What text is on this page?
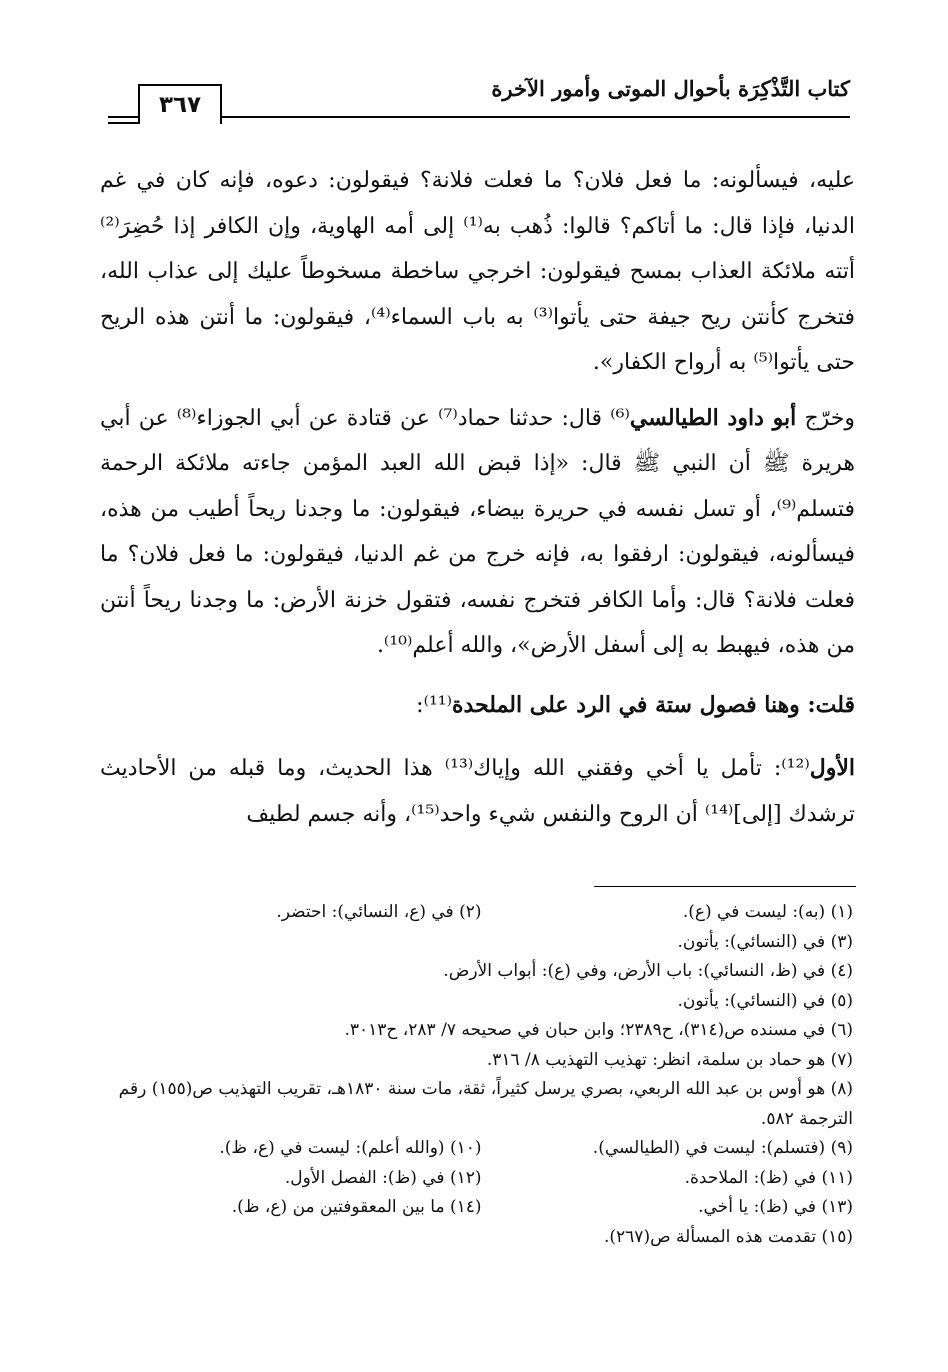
كتاب التَّذْكِرَة بأحوال الموتى وأمور الآخرة
٣٦٧

عليه، فيسألونه: ما فعل فلان؟ ما فعلت فلانة؟ فيقولون: دعوه، فإنه كان في غم الدنيا، فإذا قال: ما أتاكم؟ قالوا: ذُهب به⁽¹⁾ إلى أمه الهاوية، وإن الكافر إذا حُضِرَ⁽²⁾ أتته ملائكة العذاب بمسح فيقولون: اخرجي ساخطة مسخوطاً عليك إلى عذاب الله، فتخرج كأنتن ريح جيفة حتى يأتوا⁽³⁾ به باب السماء⁽⁴⁾، فيقولون: ما أنتن هذه الريح حتى يأتوا⁽⁵⁾ به أرواح الكفار».

وخرّج أبو داود الطيالسي⁽⁶⁾ قال: حدثنا حماد⁽⁷⁾ عن قتادة عن أبي الجوزاء⁽⁸⁾ عن أبي هريرة ﷺ أن النبي ﷺ قال: «إذا قبض الله العبد المؤمن جاءته ملائكة الرحمة فتسلم⁽⁹⁾، أو تسل نفسه في حريرة بيضاء، فيقولون: ما وجدنا ريحاً أطيب من هذه، فيسألونه، فيقولون: ارفقوا به، فإنه خرج من غم الدنيا، فيقولون: ما فعل فلان؟ ما فعلت فلانة؟ قال: وأما الكافر فتخرج نفسه، فتقول خزنة الأرض: ما وجدنا ريحاً أنتن من هذه، فيهبط به إلى أسفل الأرض»، والله أعلم⁽¹⁰⁾.

قلت: وهنا فصول ستة في الرد على الملحدة⁽¹¹⁾:

الأول⁽¹²⁾: تأمل يا أخي وفقني الله وإياك⁽¹³⁾ هذا الحديث، وما قبله من الأحاديث ترشدك [إلى]⁽¹⁴⁾ أن الروح والنفس شيء واحد⁽¹⁵⁾، وأنه جسم لطيف

(١) (به): ليست في (ع).
(٢) في (ع، النسائي): احتضر.
(٣) في (النسائي): يأتون.
(٤) في (ظ، النسائي): باب الأرض، وفي (ع): أبواب الأرض.
(٥) في (النسائي): يأتون.
(٦) في مسنده ص(٣١٤)، ح٢٣٨٩؛ وابن حبان في صحيحه ٧/ ٢٨٣، ح٣٠١٣.
(٧) هو حماد بن سلمة، انظر: تهذيب التهذيب ٨/ ٣١٦.
(٨) هو أوس بن عبد الله الربعي، بصري يرسل كثيراً، ثقة، مات سنة ١٨٣٠هـ، تقريب التهذيب ص(١٥٥) رقم الترجمة ٥٨٢.
(٩) (فتسلم): ليست في (الطيالسي).
(١٠) (والله أعلم): ليست في (ع، ظ).
(١١) في (ظ): الملاحدة.
(١٢) في (ظ): الفصل الأول.
(١٣) في (ظ): يا أخي.
(١٤) ما بين المعقوفتين من (ع، ظ).
(١٥) تقدمت هذه المسألة ص(٢٦٧).
